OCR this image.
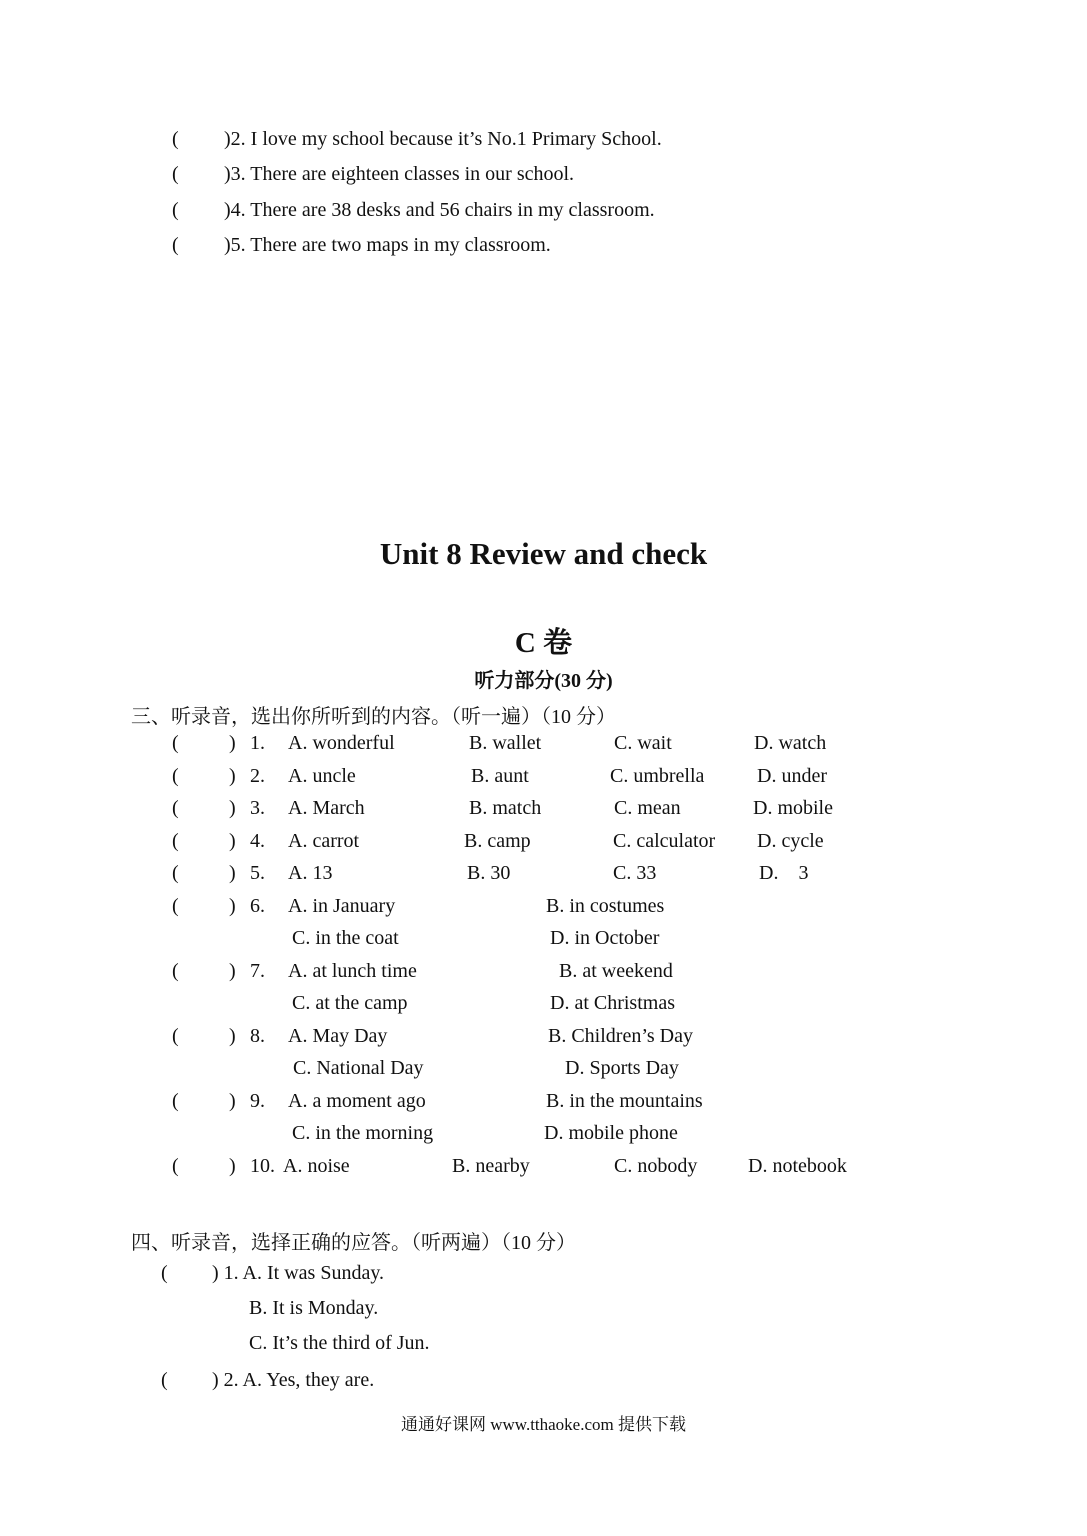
( )2. I love my school because it’s No.1 Primary School.
( )3. There are eighteen classes in our school.
( )4. There are 38 desks and 56 chairs in my classroom.
( )5. There are two maps in my classroom.
Unit 8 Review and check
C 卷
听力部分(30 分)
三、听录音，选出你所听到的内容。（听一遍）（10 分）
(	) 1. A. wonderful	B. wallet	C. wait	D. watch
(	) 2. A. uncle	B. aunt	C. umbrella	D. under
(	) 3. A. March	B. match	C. mean	D. mobile
(	) 4. A. carrot	B. camp	C. calculator D. cycle
(	) 5. A. 13	B. 30	C. 33	D.    3
(	) 6. A. in January	B. in costumes
C. in the coat	D. in October
(	) 7. A. at lunch time	B. at weekend
C. at the camp	D. at Christmas
(	) 8. A. May Day	B. Children’s Day
C. National Day	D. Sports Day
(	) 9. A. a moment ago	B. in the mountains
C. in the morning	D. mobile phone
(	) 10. A. noise	B. nearby	C. nobody	D. notebook
四、听录音，选择正确的应答。（听两遍）（10 分）
( ) 1. A. It was Sunday.
B. It is Monday.
C. It’s the third of Jun.
( ) 2. A. Yes, they are.
通通好课网 www.tthaoke.com 提供下载
